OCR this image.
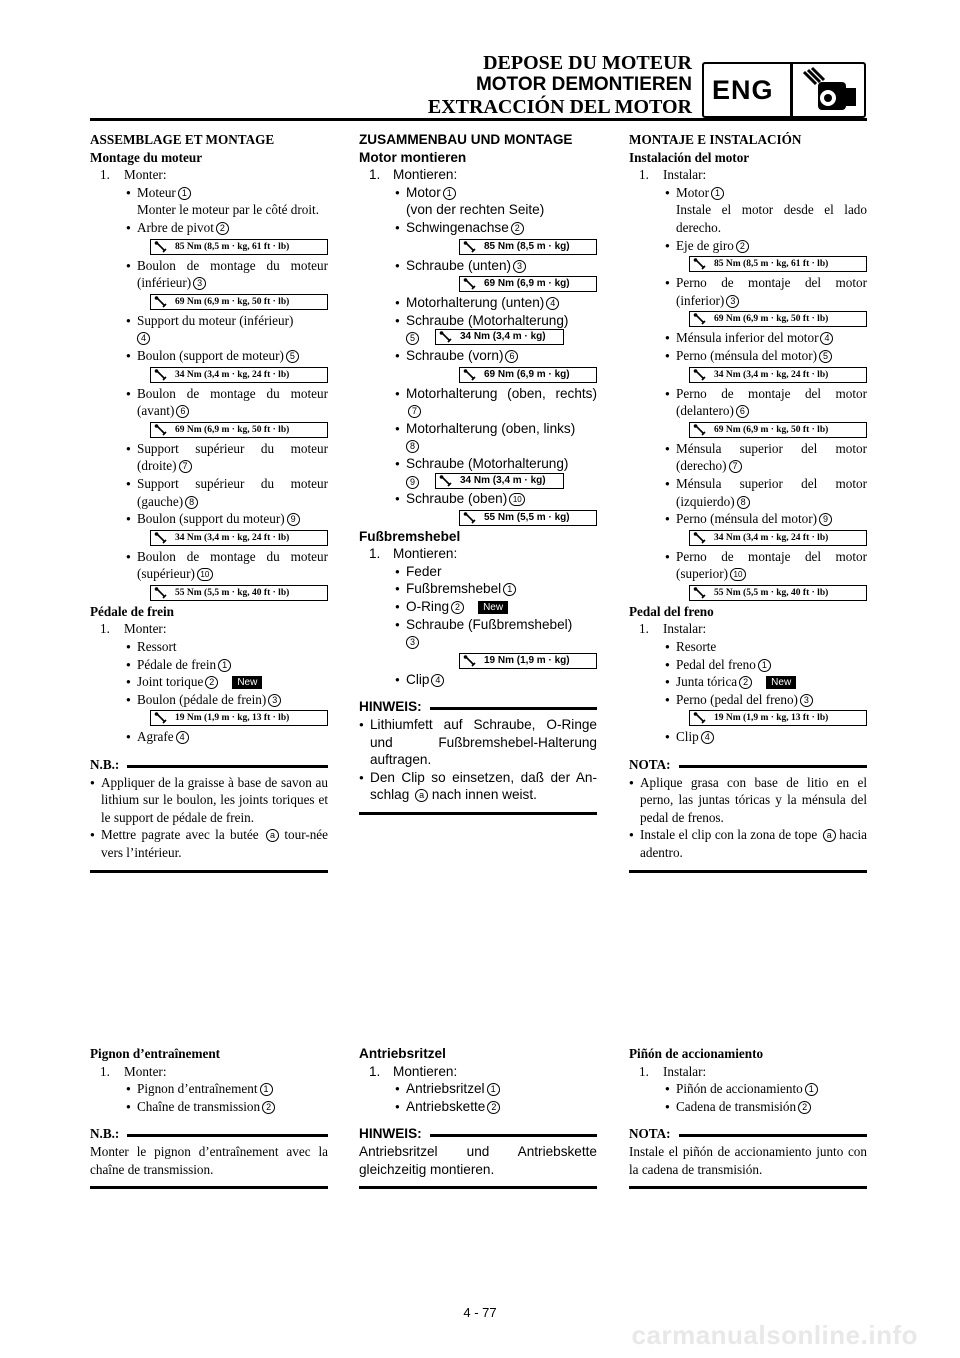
DEPOSE DU MOTEUR
MOTOR DEMONTIEREN
EXTRACCIÓN DEL MOTOR
ENG
ASSEMBLAGE ET MONTAGE
Montage du moteur
1. Monter:
● Moteur 1
Monter le moteur par le côté droit.
● Arbre de pivot 2
85 Nm (8,5 m · kg, 61 ft · lb)
● Boulon de montage du moteur (inférieur) 3
69 Nm (6,9 m · kg, 50 ft · lb)
● Support du moteur (inférieur)
4
● Boulon (support de moteur) 5
34 Nm (3,4 m · kg, 24 ft · lb)
● Boulon de montage du moteur (avant) 6
69 Nm (6,9 m · kg, 50 ft · lb)
● Support supérieur du moteur (droite) 7
● Support supérieur du moteur (gauche) 8
● Boulon (support du moteur) 9
34 Nm (3,4 m · kg, 24 ft · lb)
● Boulon de montage du moteur (supérieur) 10
55 Nm (5,5 m · kg, 40 ft · lb)
Pédale de frein
1. Monter:
● Ressort
● Pédale de frein 1
● Joint torique 2 New
● Boulon (pédale de frein) 3
19 Nm (1,9 m · kg, 13 ft · lb)
● Agrafe 4
N.B.:
● Appliquer de la graisse à base de savon au lithium sur le boulon, les joints toriques et le support de pédale de frein.
● Mettre pagrate avec la butée a tour-née vers l’intérieur.
ZUSAMMENBAU UND MONTAGE
Motor montieren
1. Montieren:
● Motor 1
(von der rechten Seite)
● Schwingenachse 2
85 Nm (8,5 m · kg)
● Schraube (unten) 3
69 Nm (6,9 m · kg)
● Motorhalterung (unten) 4
● Schraube (Motorhalterung)
5	34 Nm (3,4 m · kg)
● Schraube (vorn) 6
69 Nm (6,9 m · kg)
● Motorhalterung (oben, rechts)7
● Motorhalterung (oben, links)
8
● Schraube (Motorhalterung)
9	34 Nm (3,4 m · kg)
● Schraube (oben) 10
55 Nm (5,5 m · kg)
Fußbremshebel
1. Montieren:
● Feder
● Fußbremshebel 1
● O-Ring 2 New
● Schraube (Fußbremshebel)
3
19 Nm (1,9 m · kg)
● Clip 4
HINWEIS:
● Lithiumfett auf Schraube, O-Ringe und Fußbremshebel-Halterung auftragen.
● Den Clip so einsetzen, daß der An-schlag a nach innen weist.
MONTAJE E INSTALACIÓN
Instalación del motor
1. Instalar:
● Motor 1
Instale el motor desde el lado derecho.
● Eje de giro 2
85 Nm (8,5 m · kg, 61 ft · lb)
● Perno de montaje del motor (inferior) 3
69 Nm (6,9 m · kg, 50 ft · lb)
● Ménsula inferior del motor 4
● Perno (ménsula del motor) 5
34 Nm (3,4 m · kg, 24 ft · lb)
● Perno de montaje del motor (delantero) 6
69 Nm (6,9 m · kg, 50 ft · lb)
● Ménsula superior del motor (derecho) 7
● Ménsula superior del motor (izquierdo) 8
● Perno (ménsula del motor) 9
34 Nm (3,4 m · kg, 24 ft · lb)
● Perno de montaje del motor (superior) 10
55 Nm (5,5 m · kg, 40 ft · lb)
Pedal del freno
1. Instalar:
● Resorte
● Pedal del freno 1
● Junta tórica 2 New
● Perno (pedal del freno) 3
19 Nm (1,9 m · kg, 13 ft · lb)
● Clip 4
NOTA:
● Aplique grasa con base de litio en el perno, las juntas tóricas y la ménsula del pedal de frenos.
● Instale el clip con la zona de tope a hacia adentro.
Pignon d’entraînement
1. Monter:
● Pignon d’entraînement 1
● Chaîne de transmission 2
N.B.:
Monter le pignon d’entraînement avec la chaîne de transmission.
Antriebsritzel
1. Montieren:
● Antriebsritzel 1
● Antriebskette 2
HINWEIS:
Antriebsritzel und Antriebskette gleichzeitig montieren.
Piñón de accionamiento
1. Instalar:
● Piñón de accionamiento 1
● Cadena de transmisión 2
NOTA:
Instale el piñón de accionamiento junto con la cadena de transmisión.
4 - 77
carmanualsonline.info
